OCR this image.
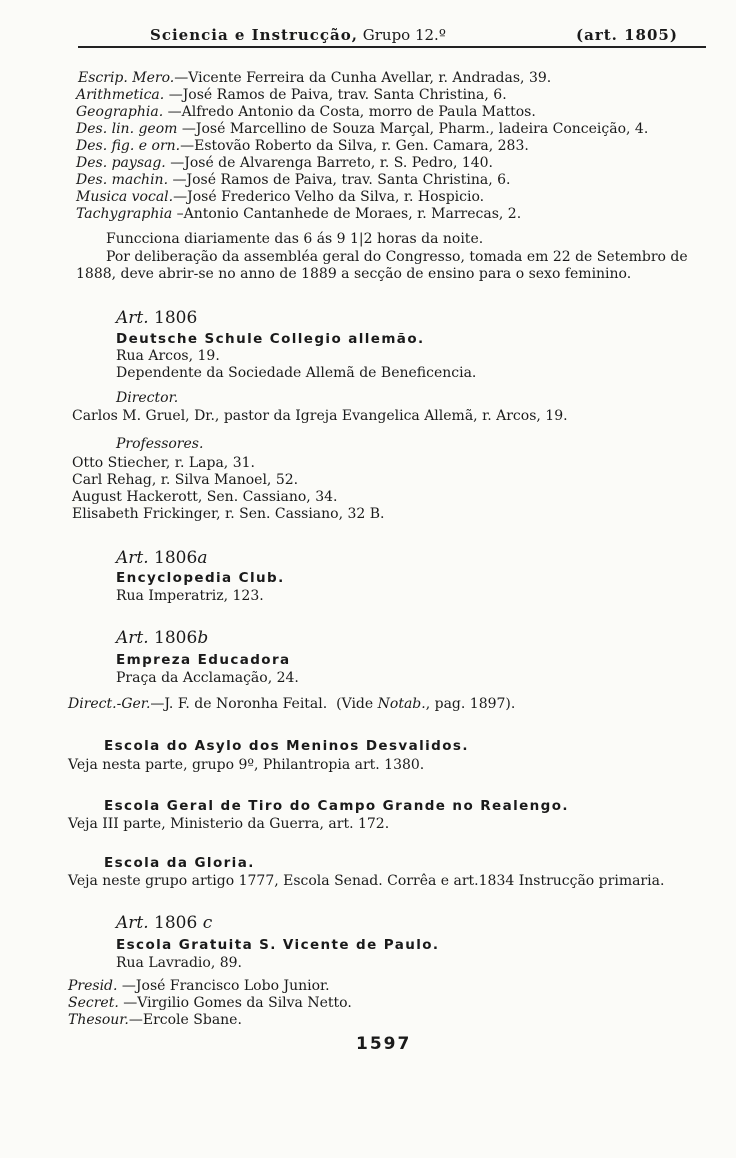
Sciencia e Instrucção, Grupo 12.º	(art. 1805)
Escrip. Mero.—Vicente Ferreira da Cunha Avellar, r. Andradas, 39.
Arithmetica. —José Ramos de Paiva, trav. Santa Christina, 6.
Geographia. —Alfredo Antonio da Costa, morro de Paula Mattos.
Des. lin. geom —José Marcellino de Souza Marçal, Pharm., ladeira Conceição, 4.
Des. fig. e orn.—Estovão Roberto da Silva, r. Gen. Camara, 283.
Des. paysag. —José de Alvarenga Barreto, r. S. Pedro, 140.
Des. machin. —José Ramos de Paiva, trav. Santa Christina, 6.
Musica vocal.—José Frederico Velho da Silva, r. Hospicio.
Tachygraphia –Antonio Cantanhede de Moraes, r. Marrecas, 2.
Funcciona diariamente das 6 ás 9 1|2 horas da noite.
Por deliberação da assembléa geral do Congresso, tomada em 22 de Setembro de
1888, deve abrir-se no anno de 1889 a secção de ensino para o sexo feminino.
Art. 1806
Deutsche Schule Collegio allemão.
Rua Arcos, 19.
Dependente da Sociedade Allemã de Beneficencia.
Director.
Carlos M. Gruel, Dr., pastor da Igreja Evangelica Allemã, r. Arcos, 19.
Professores.
Otto Stiecher, r. Lapa, 31.
Carl Rehag, r. Silva Manoel, 52.
August Hackerott, Sen. Cassiano, 34.
Elisabeth Frickinger, r. Sen. Cassiano, 32 B.
Art. 1806a
Encyclopedia Club.
Rua Imperatriz, 123.
Art. 1806b
Empreza Educadora
Praça da Acclamação, 24.
Direct.-Ger.—J. F. de Noronha Feital. (Vide Notab., pag. 1897).
Escola do Asylo dos Meninos Desvalidos.
Veja nesta parte, grupo 9º, Philantropia art. 1380.
Escola Geral de Tiro do Campo Grande no Realengo.
Veja III parte, Ministerio da Guerra, art. 172.
Escola da Gloria.
Veja neste grupo artigo 1777, Escola Senad. Corrêa e art.1834 Instrucção primaria.
Art. 1806 c
Escola Gratuita S. Vicente de Paulo.
Rua Lavradio, 89.
Presid. —José Francisco Lobo Junior.
Secret. —Virgilio Gomes da Silva Netto.
Thesour.—Ercole Sbane.
1597
